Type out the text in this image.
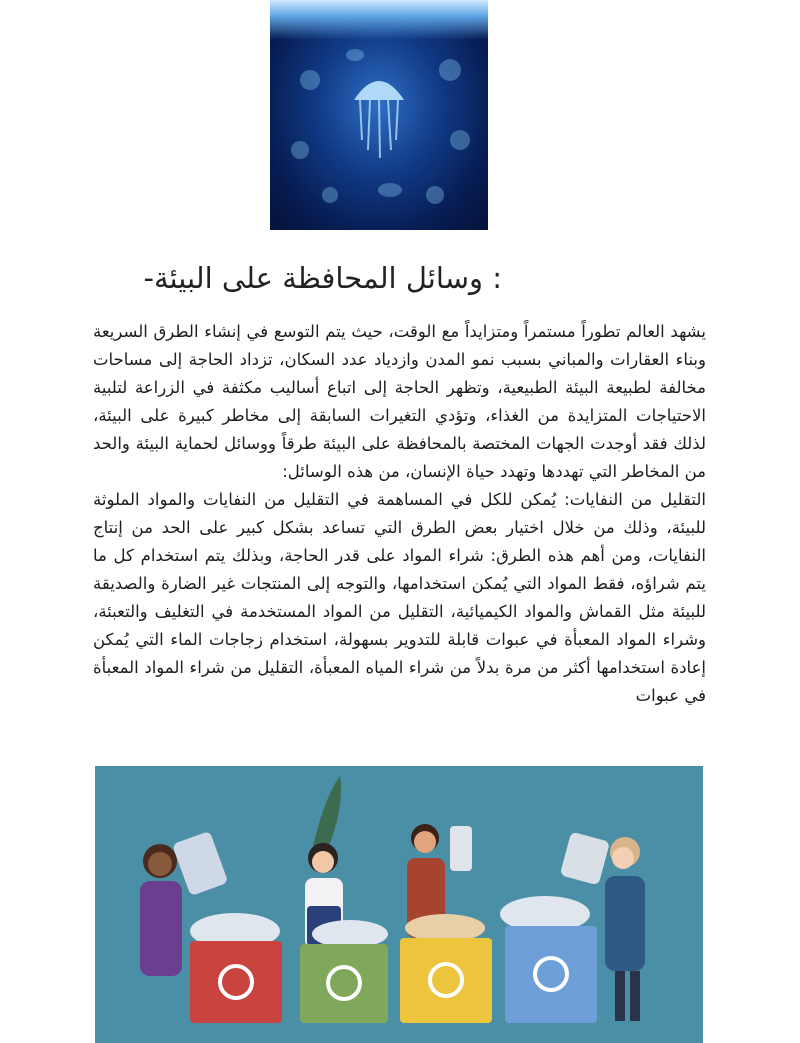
: وسائل المحافظة على البيئة-

يشهد العالم تطوراً مستمراً ومتزايداً مع الوقت، حيث يتم التوسع في إنشاء الطرق السريعة وبناء العقارات والمباني بسبب نمو المدن وازدياد عدد السكان، تزداد الحاجة إلى مساحات مخالفة لطبيعة البيئة الطبيعية، وتظهر الحاجة إلى اتباع أساليب مكثفة في الزراعة لتلبية الاحتياجات المتزايدة من الغذاء، وتؤدي التغيرات السابقة إلى مخاطر كبيرة على البيئة، لذلك فقد أوجدت الجهات المختصة بالمحافظة على البيئة طرقاً ووسائل لحماية البيئة والحد من المخاطر التي تهددها وتهدد حياة الإنسان، من هذه الوسائل:

التقليل من النفايات: يُمكن للكل في المساهمة في التقليل من النفايات والمواد الملوثة للبيئة، وذلك من خلال اختيار بعض الطرق التي تساعد بشكل كبير على الحد من إنتاج النفايات، ومن أهم هذه الطرق: شراء المواد على قدر الحاجة، وبذلك يتم استخدام كل ما يتم شراؤه، فقط المواد التي يُمكن استخدامها، والتوجه إلى المنتجات غير الضارة والصديقة للبيئة مثل القماش والمواد الكيميائية، التقليل من المواد المستخدمة في التغليف والتعبئة، وشراء المواد المعبأة في عبوات قابلة للتدوير بسهولة، استخدام زجاجات الماء التي يُمكن إعادة استخدامها أكثر من مرة بدلاً من شراء المياه المعبأة، التقليل من شراء المواد المعبأة في عبوات
